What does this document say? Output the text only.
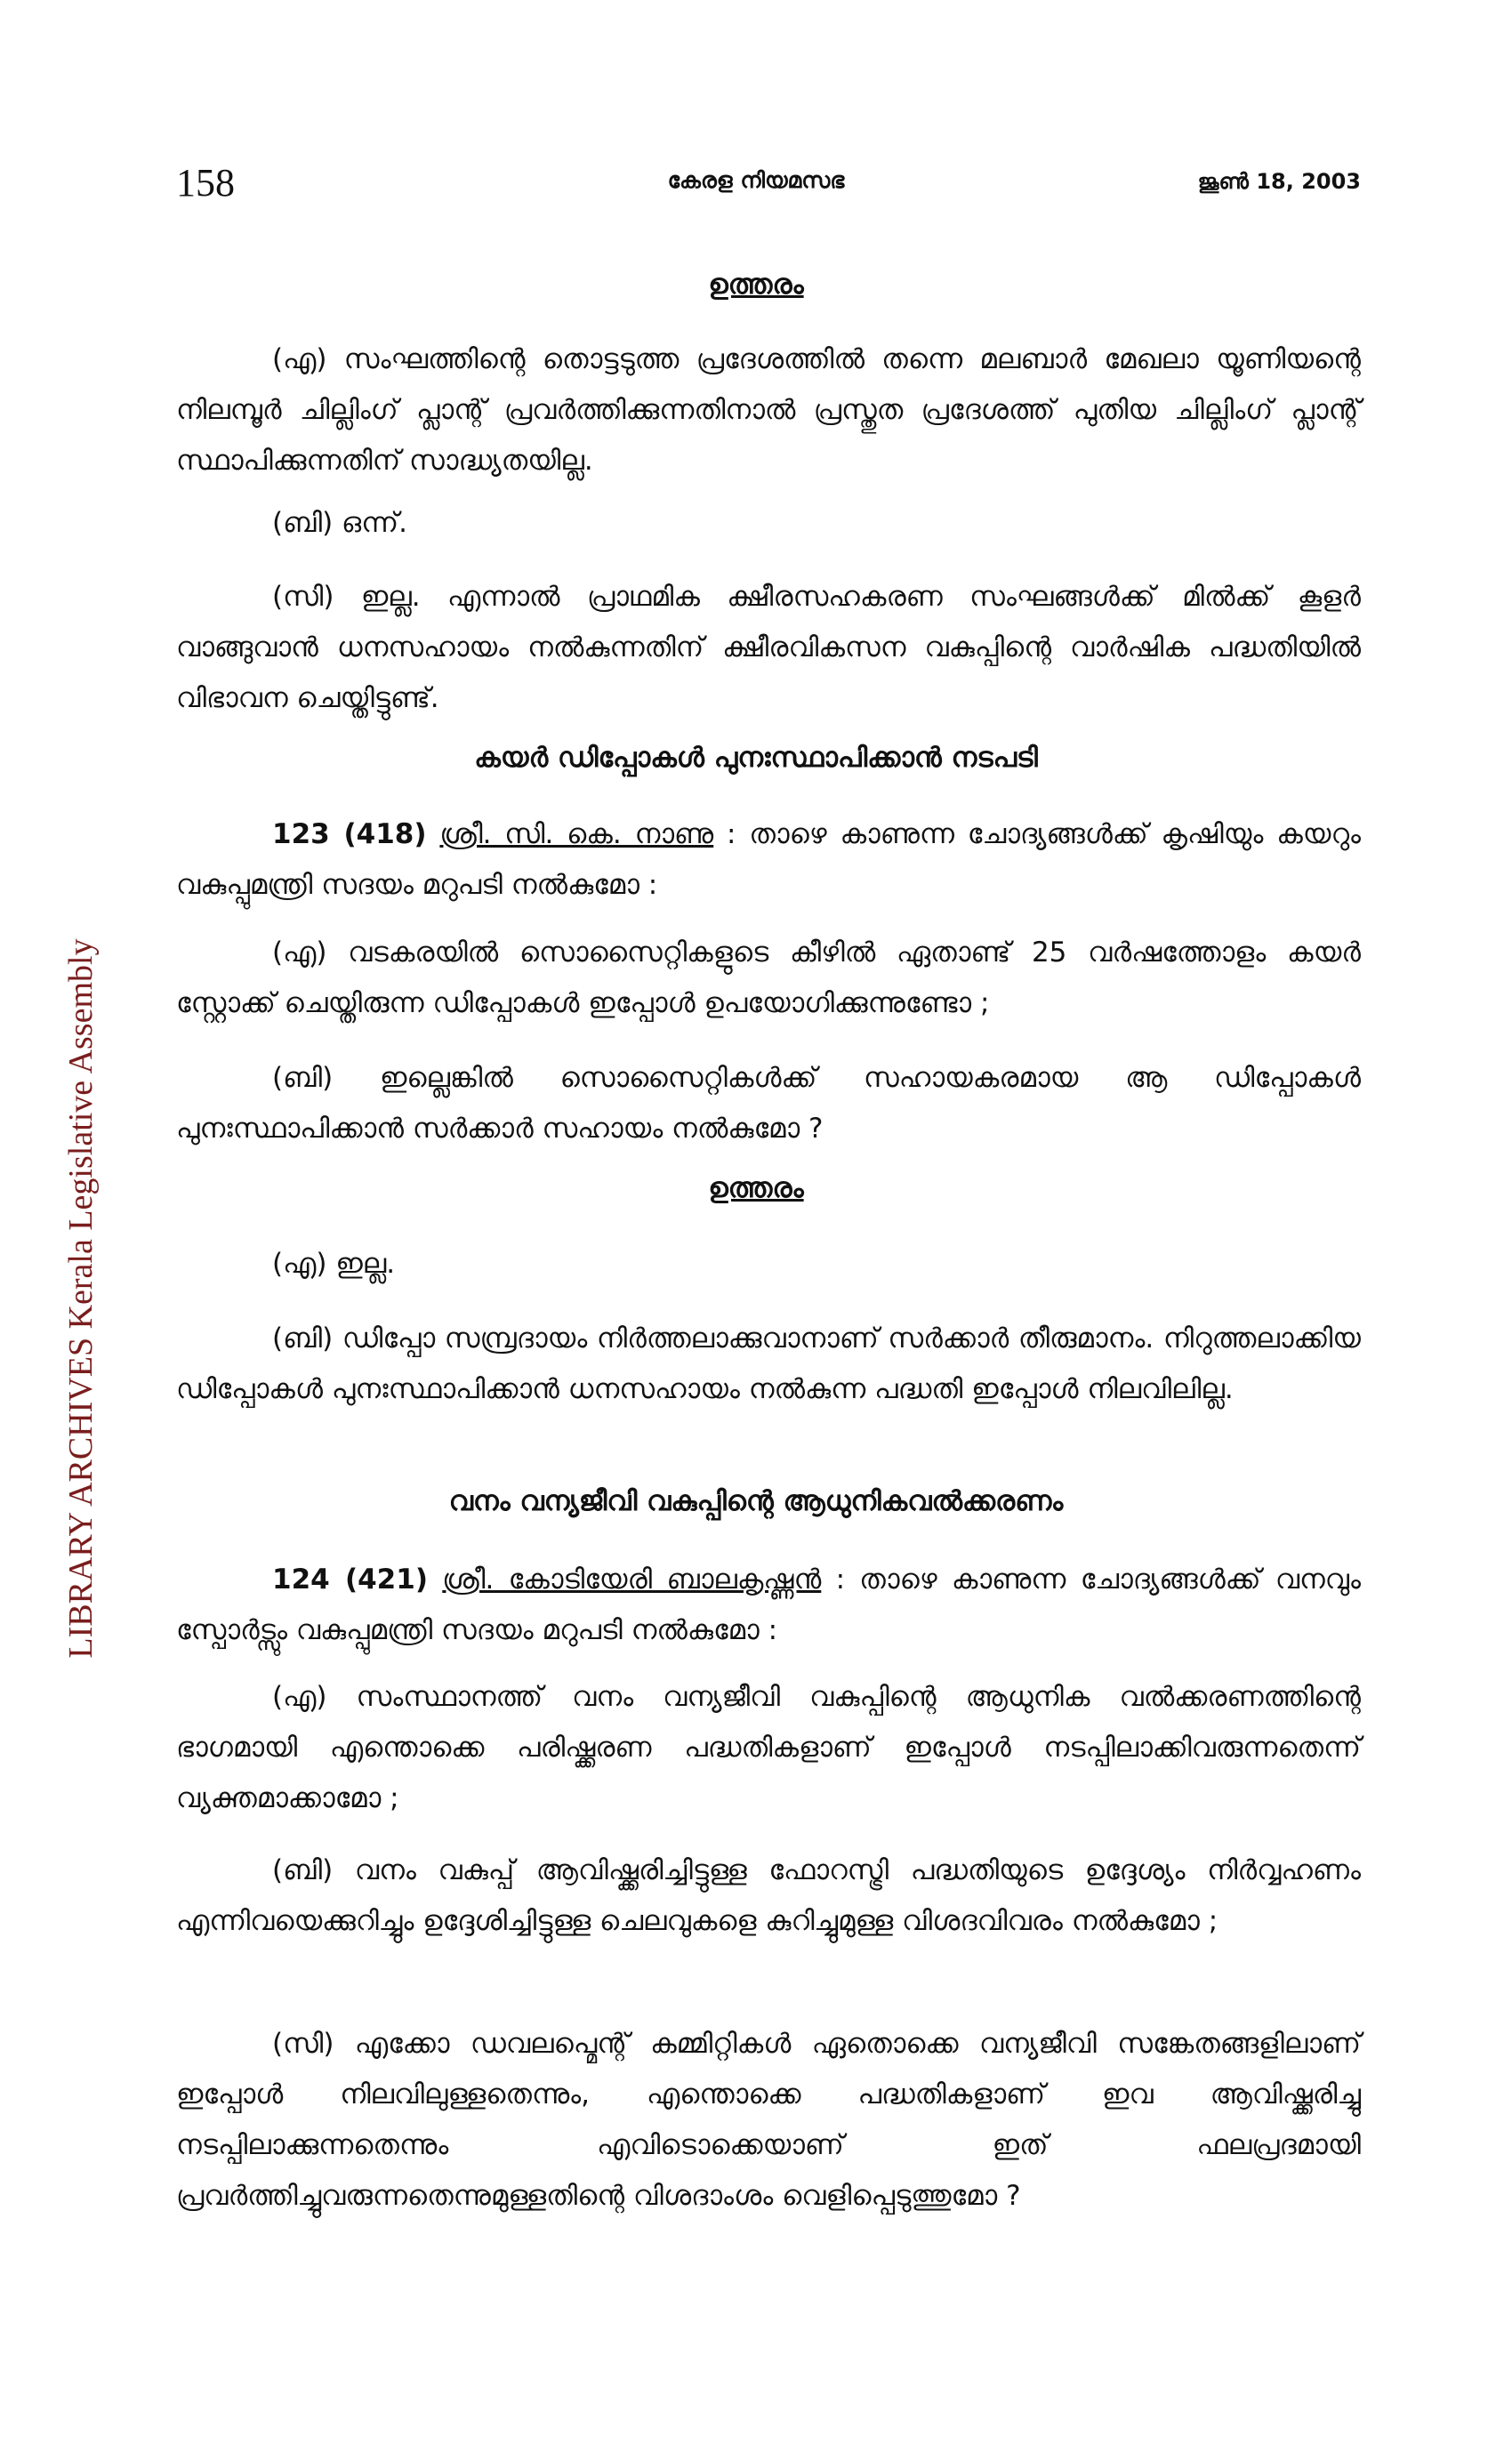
158	കേരള നിയമസഭ	ജൂൺ 18, 2003
LIBRARY ARCHIVES Kerala Legislative Assembly
ഉത്തരം

(എ) സംഘത്തിന്റെ തൊട്ടടുത്ത പ്രദേശത്തിൽ തന്നെ മലബാർ മേഖലാ യൂണിയന്റെ നിലമ്പൂർ ചില്ലിംഗ് പ്ലാന്റ് പ്രവർത്തിക്കുന്നതിനാൽ പ്രസ്തുത പ്രദേശത്ത് പുതിയ ചില്ലിംഗ് പ്ലാന്റ് സ്ഥാപിക്കുന്നതിന് സാദ്ധ്യതയില്ല.

(ബി) ഒന്ന്.

(സി) ഇല്ല. എന്നാൽ പ്രാഥമിക ക്ഷീരസഹകരണ സംഘങ്ങൾക്ക് മിൽക്ക് കൂളർ വാങ്ങുവാൻ ധനസഹായം നൽകുന്നതിന് ക്ഷീരവികസന വകുപ്പിന്റെ വാർഷിക പദ്ധതിയിൽ വിഭാവന ചെയ്തിട്ടുണ്ട്.

കയർ ഡിപ്പോകൾ പുനഃസ്ഥാപിക്കാൻ നടപടി

123 (418) ശ്രീ. സി. കെ. നാണു : താഴെ കാണുന്ന ചോദ്യങ്ങൾക്ക് കൃഷിയും കയറും വകുപ്പുമന്ത്രി സദയം മറുപടി നൽകുമോ :

(എ) വടകരയിൽ സൊസൈറ്റികളുടെ കീഴിൽ ഏതാണ്ട് 25 വർഷത്തോളം കയർ സ്റ്റോക്ക് ചെയ്തിരുന്ന ഡിപ്പോകൾ ഇപ്പോൾ ഉപയോഗിക്കുന്നുണ്ടോ ;

(ബി) ഇല്ലെങ്കിൽ സൊസൈറ്റികൾക്ക് സഹായകരമായ ആ ഡിപ്പോകൾ പുനഃസ്ഥാപിക്കാൻ സർക്കാർ സഹായം നൽകുമോ ?

ഉത്തരം

(എ) ഇല്ല.

(ബി) ഡിപ്പോ സമ്പ്രദായം നിർത്തലാക്കുവാനാണ് സർക്കാർ തീരുമാനം. നിറുത്തലാക്കിയ ഡിപ്പോകൾ പുനഃസ്ഥാപിക്കാൻ ധനസഹായം നൽകുന്ന പദ്ധതി ഇപ്പോൾ നിലവിലില്ല.

വനം വന്യജീവി വകുപ്പിന്റെ ആധുനികവൽക്കരണം

124 (421) ശ്രീ. കോടിയേരി ബാലകൃഷ്ണൻ : താഴെ കാണുന്ന ചോദ്യങ്ങൾക്ക് വനവും സ്പോർട്സും വകുപ്പുമന്ത്രി സദയം മറുപടി നൽകുമോ :

(എ) സംസ്ഥാനത്ത് വനം വന്യജീവി വകുപ്പിന്റെ ആധുനിക വൽക്കരണത്തിന്റെ ഭാഗമായി എന്തൊക്കെ പരിഷ്ക്കരണ പദ്ധതികളാണ് ഇപ്പോൾ നടപ്പിലാക്കിവരുന്നതെന്ന് വ്യക്തമാക്കാമോ ;

(ബി) വനം വകുപ്പ് ആവിഷ്ക്കരിച്ചിട്ടുള്ള ഫോറസ്ട്രി പദ്ധതിയുടെ ഉദ്ദേശ്യം നിർവ്വഹണം എന്നിവയെക്കുറിച്ചും ഉദ്ദേശിച്ചിട്ടുള്ള ചെലവുകളെ കുറിച്ചുമുള്ള വിശദവിവരം നൽകുമോ ;

(സി) എക്കോ ഡവലപ്മെന്റ് കമ്മിറ്റികൾ ഏതൊക്കെ വന്യജീവി സങ്കേതങ്ങളിലാണ് ഇപ്പോൾ നിലവിലുള്ളതെന്നും, എന്തൊക്കെ പദ്ധതികളാണ് ഇവ ആവിഷ്ക്കരിച്ചു നടപ്പിലാക്കുന്നതെന്നും എവിടൊക്കെയാണ് ഇത് ഫലപ്രദമായി പ്രവർത്തിച്ചുവരുന്നതെന്നുമുള്ളതിന്റെ വിശദാംശം വെളിപ്പെടുത്തുമോ ?
